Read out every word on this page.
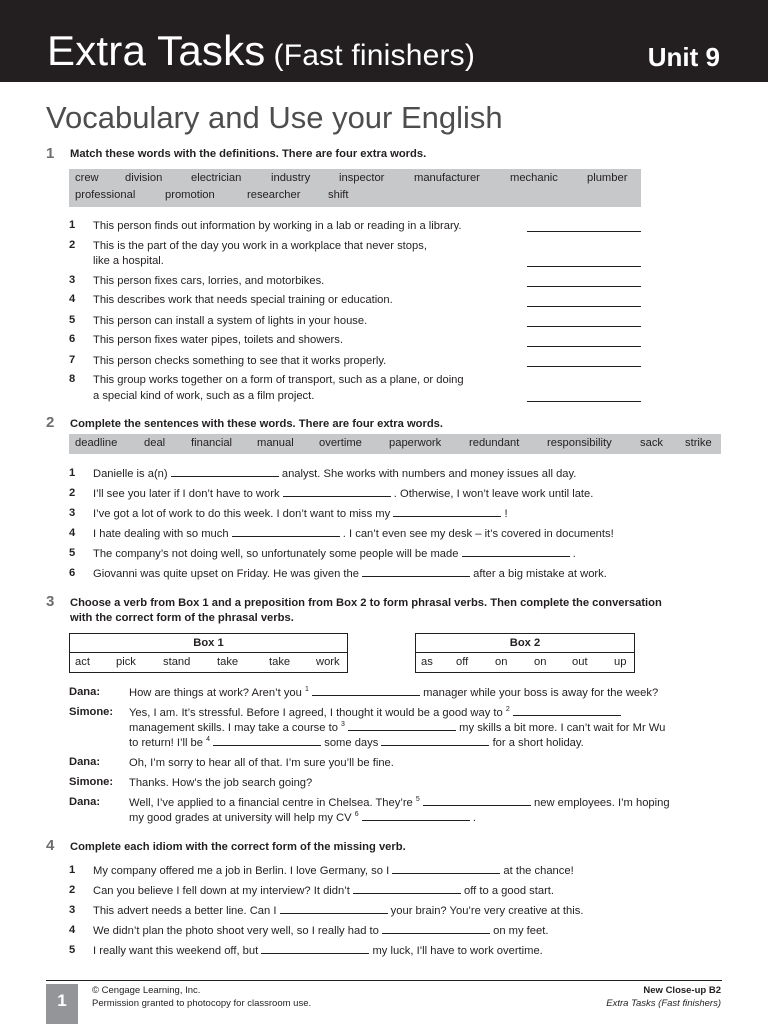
Extra Tasks (Fast finishers)	Unit 9
Vocabulary and Use your English
1 Match these words with the definitions. There are four extra words.
crew division	electrician	industry	inspector	manufacturer	mechanic	plumber
professional	promotion	researcher shift
1 This person finds out information by working in a lab or reading in a library.
2 This is the part of the day you work in a workplace that never stops,
like a hospital.
3 This person fixes cars, lorries, and motorbikes.
4 This describes work that needs special training or education.
5 This person can install a system of lights in your house.
6 This person fixes water pipes, toilets and showers.
7 This person checks something to see that it works properly.
8 This group works together on a form of transport, such as a plane, or doing
a special kind of work, such as a film project.
2 Complete the sentences with these words. There are four extra words.
deadline deal financial manual overtime paperwork redundant responsibility	sack strike
1 Danielle is a(n)	analyst. She works with numbers and money issues all day.
2 I’ll see you later if I don’t have to work	. Otherwise, I won’t leave work until late.
3 I’ve got a lot of work to do this week. I don’t want to miss my	!
4 I hate dealing with so much	. I can’t even see my desk – it’s covered in documents!
5 The company’s not doing well, so unfortunately some people will be made	.
6 Giovanni was quite upset on Friday. He was given the	after a big mistake at work.
3 Choose a verb from Box 1 and a preposition from Box 2 to form phrasal verbs. Then complete the conversation with the correct form of the phrasal verbs.
Box 1
act pick stand take	take work
Box 2
as off on on out up
Dana:	How are things at work? Aren’t you $^1$	manager while your boss is away for the week?
Simone: Yes, I am. It’s stressful. Before I agreed, I thought it would be a good way to $^2$
management skills. I may take a course to $^3$	my skills a bit more. I can’t wait for Mr Wu
to return! I’ll be $^4$	some days	for a short holiday.
Dana:	Oh, I’m sorry to hear all of that. I’m sure you’ll be fine.
Simone: Thanks. How’s the job search going?
Dana:	Well, I’ve applied to a financial centre in Chelsea. They’re $^5$	new employees. I’m hoping
my good grades at university will help my CV $^6$	.
4 Complete each idiom with the correct form of the missing verb.
1 My company offered me a job in Berlin. I love Germany, so I	at the chance!
2 Can you believe I fell down at my interview? It didn’t	off to a good start.
3 This advert needs a better line. Can I	your brain? You’re very creative at this.
4 We didn’t plan the photo shoot very well, so I really had to	on my feet.
5 I really want this weekend off, but	my luck, I’ll have to work overtime.
1
© Cengage Learning, Inc.
Permission granted to photocopy for classroom use.
New Close-up B2
Extra Tasks (Fast finishers)
